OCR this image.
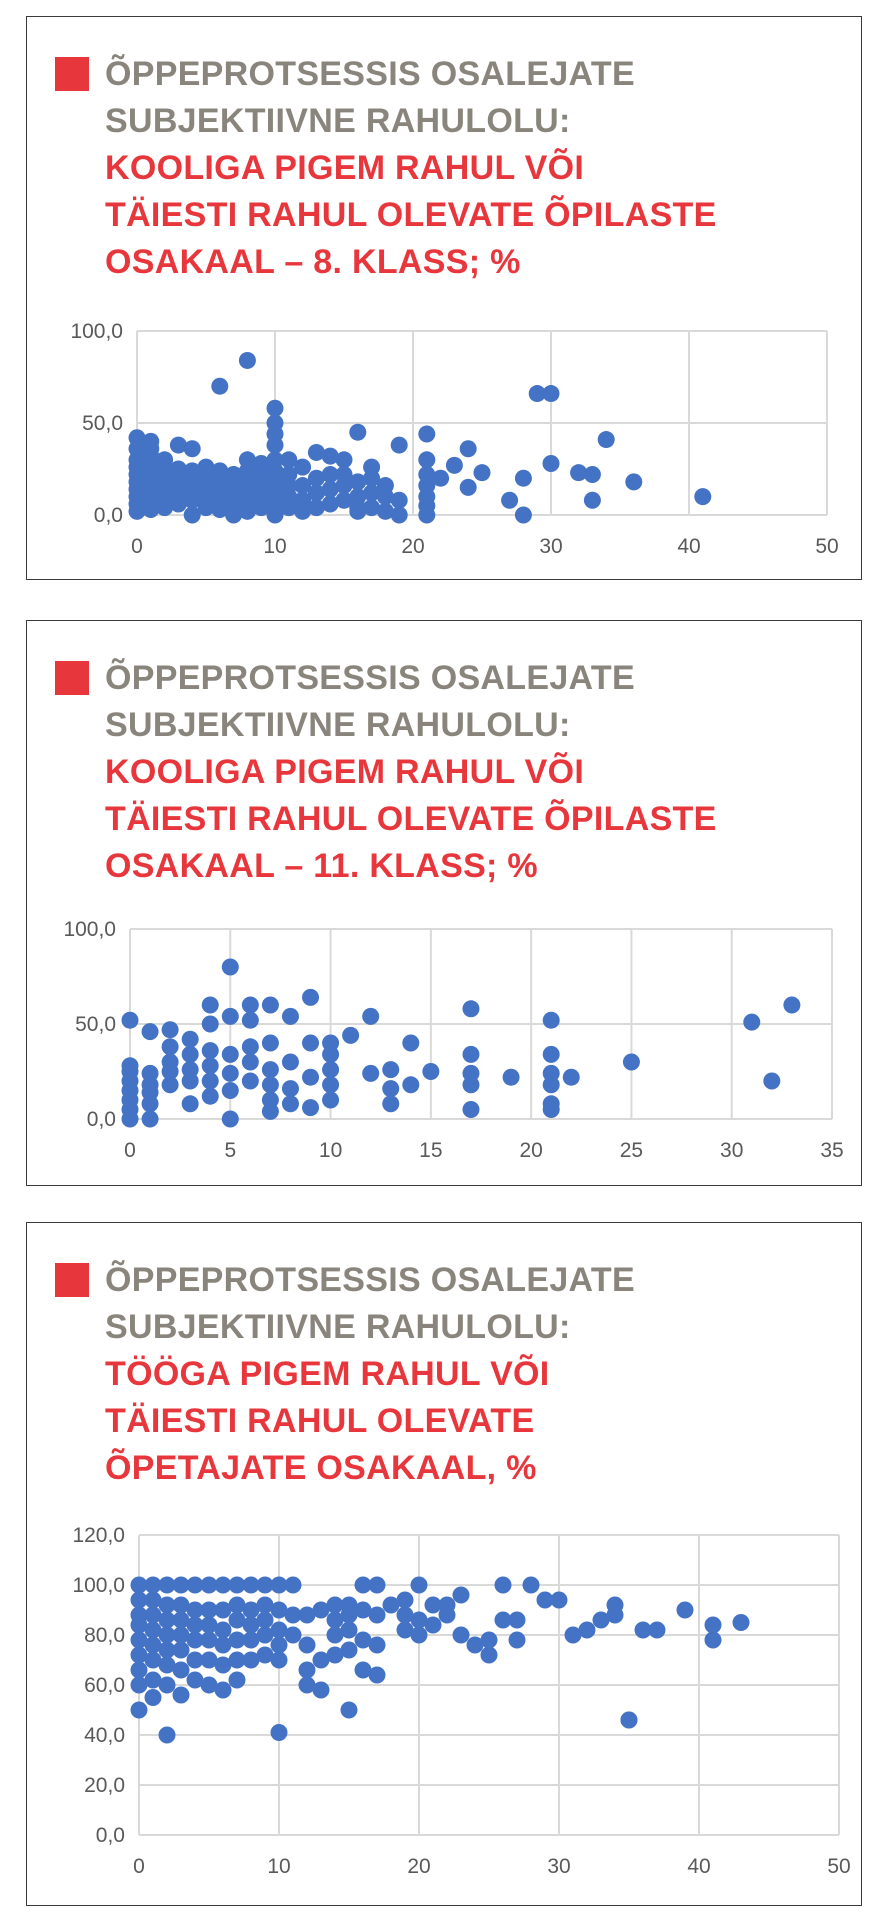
ÕPPEPROTSESSIS OSALEJATE
SUBJEKTIIVNE RAHULOLU:
KOOLIGA PIGEM RAHUL VÕI
TÄIESTI RAHUL OLEVATE ÕPILASTE
OSAKAAL – 8. KLASS; %
0	10	20	30	40	50
0,0
50,0
100,0
ÕPPEPROTSESSIS OSALEJATE
SUBJEKTIIVNE RAHULOLU:
KOOLIGA PIGEM RAHUL VÕI
TÄIESTI RAHUL OLEVATE ÕPILASTE
OSAKAAL – 11. KLASS; %
0	5	10	15	20	25	30	35
0,0
50,0
100,0
ÕPPEPROTSESSIS OSALEJATE
SUBJEKTIIVNE RAHULOLU:
TÖÖGA PIGEM RAHUL VÕI
TÄIESTI RAHUL OLEVATE
ÕPETAJATE OSAKAAL, %
0	10	20	30	40	50
0,0
20,0
40,0
60,0
80,0
100,0
120,0
